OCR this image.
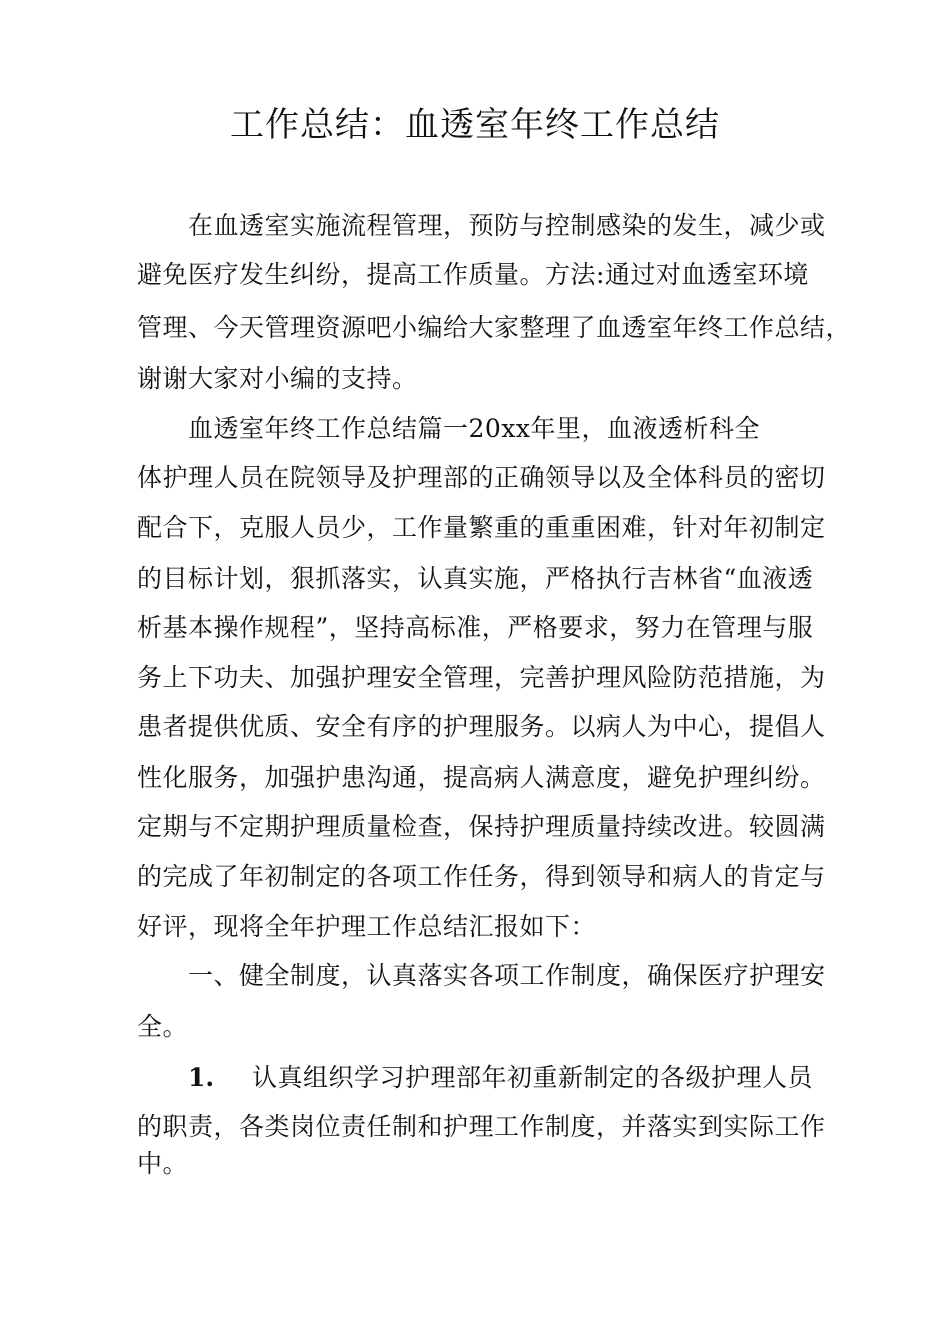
工作总结：血透室年终工作总结
在血透室实施流程管理，预防与控制感染的发生，减少或
避免医疗发生纠纷，提高工作质量。方法:通过对血透室环境
管理、今天管理资源吧小编给大家整理了血透室年终工作总结，
谢谢大家对小编的支持。
血透室年终工作总结篇一20xx年里，血液透析科全
体护理人员在院领导及护理部的正确领导以及全体科员的密切
配合下，克服人员少，工作量繁重的重重困难，针对年初制定
的目标计划，狠抓落实，认真实施，严格执行吉林省“血液透
析基本操作规程”，坚持高标准，严格要求，努力在管理与服
务上下功夫、加强护理安全管理，完善护理风险防范措施，为
患者提供优质、安全有序的护理服务。以病人为中心，提倡人
性化服务，加强护患沟通，提高病人满意度，避免护理纠纷。
定期与不定期护理质量检查，保持护理质量持续改进。较圆满
的完成了年初制定的各项工作任务，得到领导和病人的肯定与
好评，现将全年护理工作总结汇报如下：
一、健全制度，认真落实各项工作制度，确保医疗护理安
全。
1. 认真组织学习护理部年初重新制定的各级护理人员
的职责，各类岗位责任制和护理工作制度，并落实到实际工作
中。
